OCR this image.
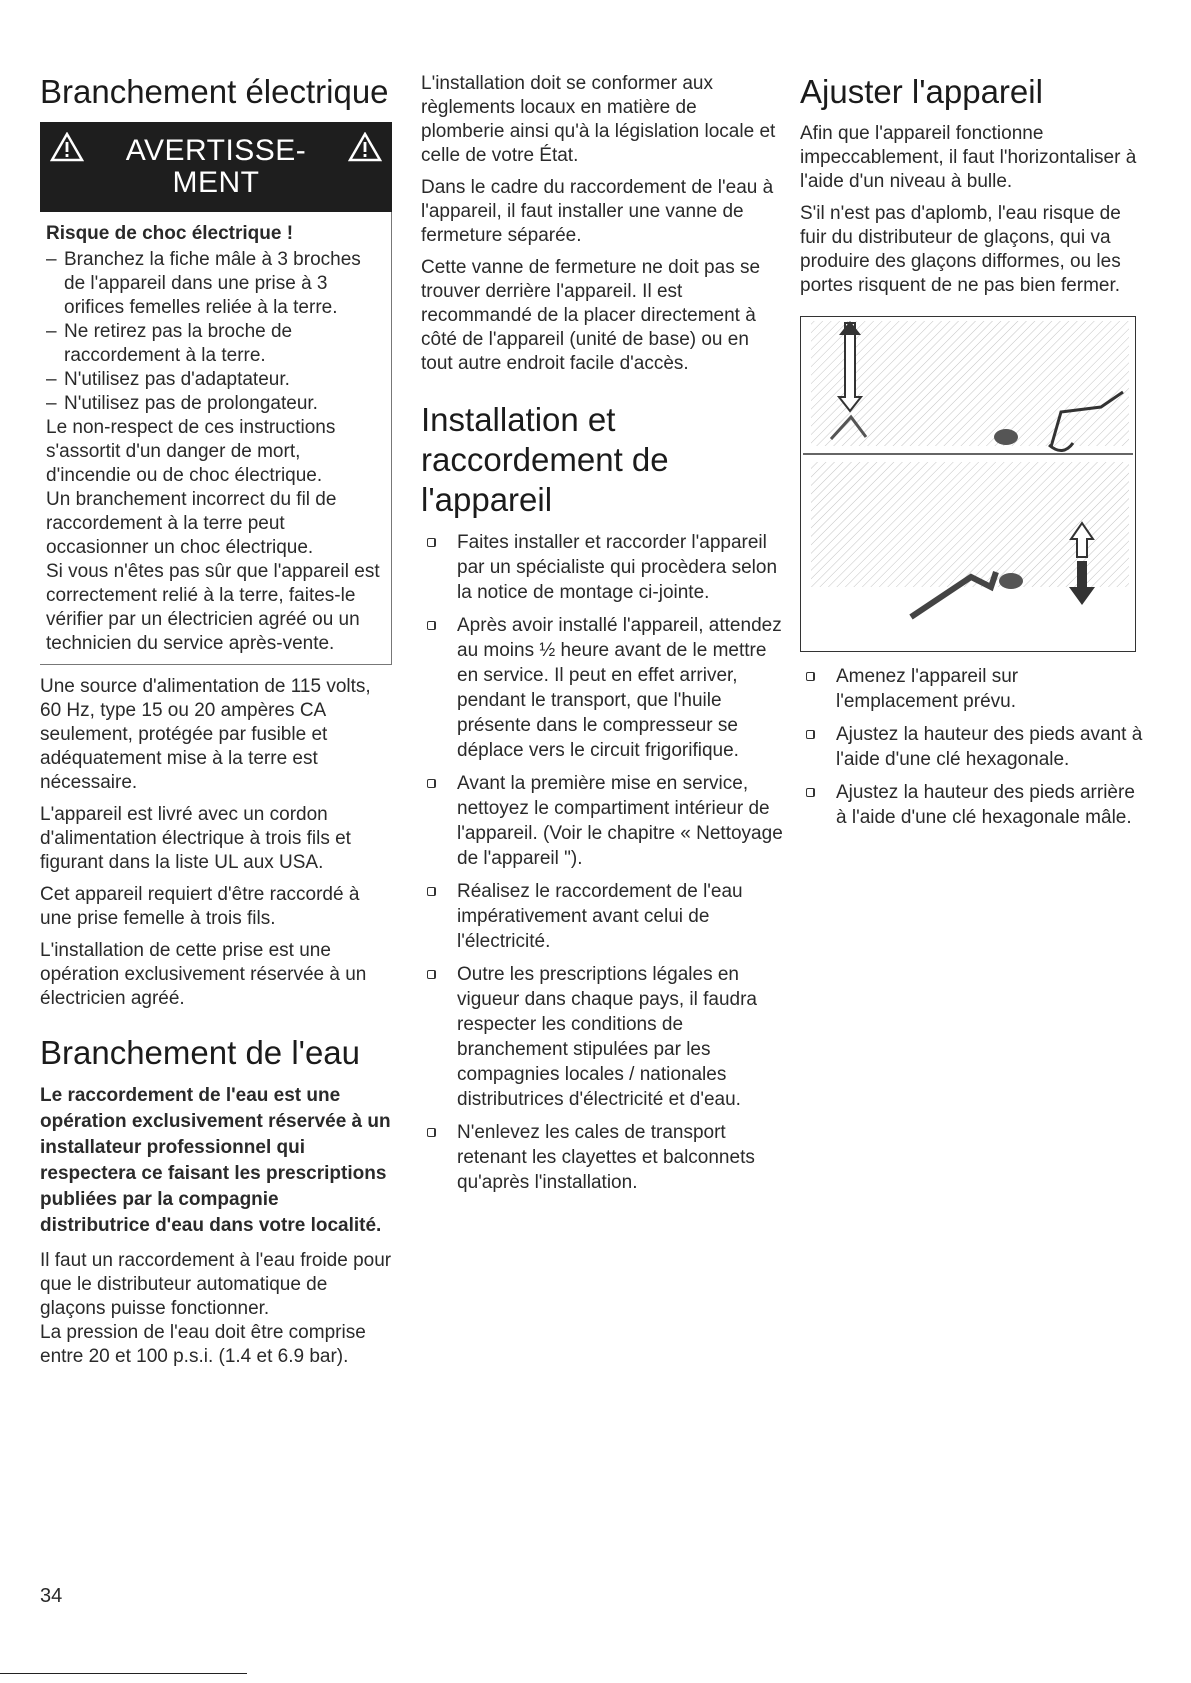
Branchement électrique
AVERTISSE-
MENT
Risque de choc électrique !
– Branchez la fiche mâle à 3 broches de l'appareil dans une prise à 3 orifices femelles reliée à la terre.
– Ne retirez pas la broche de raccordement à la terre.
– N'utilisez pas d'adaptateur.
– N'utilisez pas de prolongateur.

Le non-respect de ces instructions s'assortit d'un danger de mort, d'incendie ou de choc électrique.

Un branchement incorrect du fil de raccordement à la terre peut occasionner un choc électrique.

Si vous n'êtes pas sûr que l'appareil est correctement relié à la terre, faites-le vérifier par un électricien agréé ou un technicien du service après-vente.

Une source d'alimentation de 115 volts, 60 Hz, type 15 ou 20 ampères CA seulement, protégée par fusible et adéquatement mise à la terre est nécessaire.

L'appareil est livré avec un cordon d'alimentation électrique à trois fils et figurant dans la liste UL aux USA.

Cet appareil requiert d'être raccordé à une prise femelle à trois fils.

L'installation de cette prise est une opération exclusivement réservée à un électricien agréé.

Branchement de l'eau
Le raccordement de l'eau est une opération exclusivement réservée à un installateur professionnel qui respectera ce faisant les prescriptions publiées par la compagnie distributrice d'eau dans votre localité.

Il faut un raccordement à l'eau froide pour que le distributeur automatique de glaçons puisse fonctionner.

La pression de l'eau doit être comprise entre 20 et 100 p.s.i. (1.4 et 6.9 bar).

L'installation doit se conformer aux règlements locaux en matière de plomberie ainsi qu'à la législation locale et celle de votre État.

Dans le cadre du raccordement de l'eau à l'appareil, il faut installer une vanne de fermeture séparée.

Cette vanne de fermeture ne doit pas se trouver derrière l'appareil. Il est recommandé de la placer directement à côté de l'appareil (unité de base) ou en tout autre endroit facile d'accès.

Installation et raccordement de l'appareil
Faites installer et raccorder l'appareil par un spécialiste qui procèdera selon la notice de montage ci-jointe.
Après avoir installé l'appareil, attendez au moins ½ heure avant de le mettre en service. Il peut en effet arriver, pendant le transport, que l'huile présente dans le compresseur se déplace vers le circuit frigorifique.
Avant la première mise en service, nettoyez le compartiment intérieur de l'appareil. (Voir le chapitre « Nettoyage de l'appareil ").
Réalisez le raccordement de l'eau impérativement avant celui de l'électricité.
Outre les prescriptions légales en vigueur dans chaque pays, il faudra respecter les conditions de branchement stipulées par les compagnies locales / nationales distributrices d'électricité et d'eau.
N'enlevez les cales de transport retenant les clayettes et balconnets qu'après l'installation.
Ajuster l'appareil

Afin que l'appareil fonctionne impeccablement, il faut l'horizontaliser à l'aide d'un niveau à bulle.

S'il n'est pas d'aplomb, l'eau risque de fuir du distributeur de glaçons, qui va produire des glaçons difformes, ou les portes risquent de ne pas bien fermer.

Amenez l'appareil sur l'emplacement prévu.
Ajustez la hauteur des pieds avant à l'aide d'une clé hexagonale.
Ajustez la hauteur des pieds arrière à l'aide d'une clé hexagonale mâle.
34
